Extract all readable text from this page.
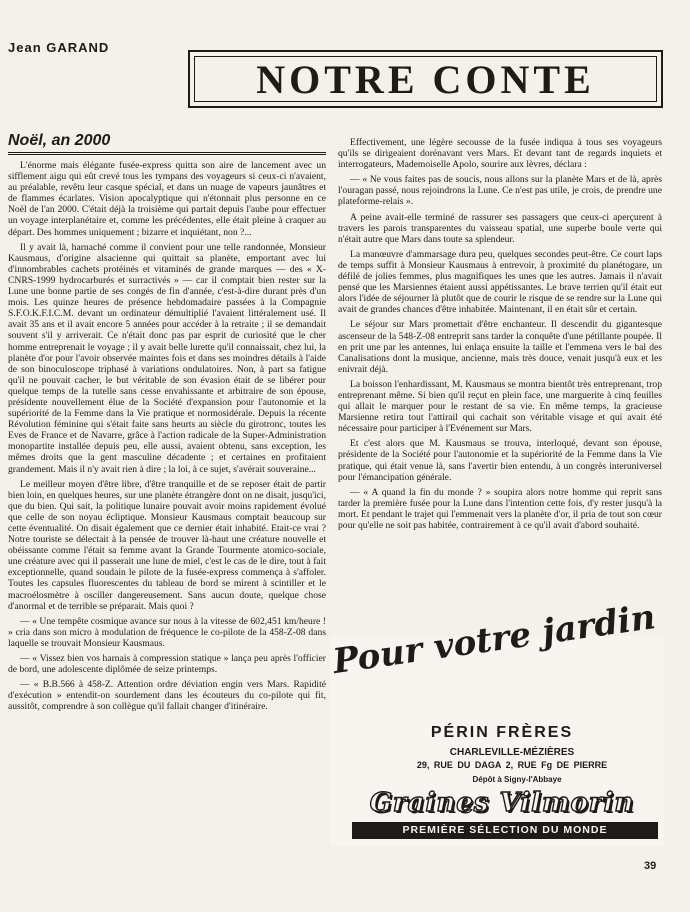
Jean GARAND

NOTRE CONTE
Noël, an 2000

L'énorme mais élégante fusée-express quitta son aire de lancement avec un sifflement aigu qui eût crevé tous les tympans des voyageurs si ceux-ci n'avaient, au préalable, revêtu leur casque spécial, et dans un nuage de vapeurs jaunâtres et de flammes écarlates. Vision apocalyptique qui n'étonnait plus personne en ce Noël de l'an 2000. C'était déjà la troisième qui partait depuis l'aube pour effectuer un voyage interplanétaire et, comme les précédentes, elle était pleine à craquer au départ. Des hommes uniquement ; bizarre et inquiétant, non ?...

Il y avait là, harnaché comme il convient pour une telle randonnée, Monsieur Kausmaus, d'origine alsacienne qui quittait sa planète, emportant avec lui d'innombrables cachets protéinés et vitaminés de grande marques — des « X-CNRS-1999 hydrocarburés et surractivés » — car il comptait bien rester sur la Lune une bonne partie de ses congés de fin d'année, c'est-à-dire durant près d'un mois. Les quinze heures de présence hebdomadaire passées à la Compagnie S.F.O.K.F.I.C.M. devant un ordinateur démultiplié l'avaient littéralement usé. Il avait 35 ans et il avait encore 5 années pour accéder à la retraite ; il se demandait souvent s'il y arriverait. Ce n'était donc pas par esprit de curiosité que le cher homme entreprenait le voyage ; il y avait belle lurette qu'il connaissait, chez lui, la planète d'or pour l'avoir observée maintes fois et dans ses moindres détails à l'aide de son binoculoscope triphasé à variations ondulatoires. Non, à part sa fatigue qu'il ne pouvait cacher, le but véritable de son évasion était de se libérer pour quelque temps de la tutelle sans cesse envahissante et arbitraire de son épouse, présidente nouvellement élue de la Société d'expansion pour l'autonomie et la supériorité de la Femme dans la Vie pratique et normosidérale. Depuis la récente Révolution féminine qui s'était faite sans heurts au siècle du girotronc, toutes les Eves de France et de Navarre, grâce à l'action radicale de la Super-Administration monopartite installée depuis peu, elle aussi, avaient obtenu, sans exception, les mêmes droits que la gent masculine décadente ; et certaines en profitaient grandement. Mais il n'y avait rien à dire ; la loi, à ce sujet, s'avérait souveraine...

Le meilleur moyen d'être libre, d'être tranquille et de se reposer était de partir bien loin, en quelques heures, sur une planète étrangère dont on ne disait, jusqu'ici, que du bien. Qui sait, la politique lunaire pouvait avoir moins rapidement évolué que celle de son noyau écliptique. Monsieur Kausmaus comptait beaucoup sur cette éventualité. On disait également que ce dernier était inhabité. Etait-ce vrai ? Notre touriste se délectait à la pensée de trouver là-haut une créature nouvelle et obéissante comme l'était sa femme avant la Grande Tourmente atomico-sociale, une créature avec qui il passerait une lune de miel, c'est le cas de le dire, tout à fait exceptionnelle, quand soudain le pilote de la fusée-express commença à s'affoler. Toutes les capsules fluorescentes du tableau de bord se mirent à scintiller et le macroélosmètre à osciller dangereusement. Sans aucun doute, quelque chose d'anormal et de terrible se préparait. Mais quoi ?

— « Une tempête cosmique avance sur nous à la vitesse de 602,451 km/heure ! » cria dans son micro à modulation de fréquence le co-pilote de la 458-Z-08 dans laquelle se trouvait Monsieur Kausmaus.

— « Vissez bien vos harnais à compression statique » lança peu après l'officier de bord, une adolescente diplômée de seize printemps.

— « B.B.566 à 458-Z. Attention ordre déviation engin vers Mars. Rapidité d'exécution » entendit-on sourdement dans les écouteurs du co-pilote qui fit, aussitôt, comprendre à son collègue qu'il fallait changer d'itinéraire.

Effectivement, une légère secousse de la fusée indiqua à tous ses voyageurs qu'ils se dirigeaient dorénavant vers Mars. Et devant tant de regards inquiets et interrogateurs, Mademoiselle Apolo, sourire aux lèvres, déclara :

— « Ne vous faites pas de soucis, nous allons sur la planète Mars et de là, après l'ouragan passé, nous rejoindrons la Lune. Ce n'est pas utile, je crois, de prendre une plateforme-relais ».

A peine avait-elle terminé de rassurer ses passagers que ceux-ci aperçurent à travers les parois transparentes du vaisseau spatial, une superbe boule verte qui n'était autre que Mars dans toute sa splendeur.

La manœuvre d'ammarsage dura peu, quelques secondes peut-être. Ce court laps de temps suffit à Monsieur Kausmaus à entrevoir, à proximité du planétogare, un défilé de jolies femmes, plus magnifiques les unes que les autres. Jamais il n'avait pensé que les Marsiennes étaient aussi appétissantes. Le brave terrien qu'il était eut alors l'idée de séjourner là plutôt que de courir le risque de se rendre sur la Lune qui avait de grandes chances d'être inhabitée. Maintenant, il en était sûr et certain.

Le séjour sur Mars promettait d'être enchanteur. Il descendit du gigantesque ascenseur de la 548-Z-08 entreprit sans tarder la conquête d'une pétillante poupée. Il en prit une par les antennes, lui enlaça ensuite la taille et l'emmena vers le bal des Canalisations dont la musique, ancienne, mais très douce, venait jusqu'à eux et les enivrait déjà.

La boisson l'enhardissant, M. Kausmaus se montra bientôt très entreprenant, trop entreprenant même. Si bien qu'il reçut en plein face, une marguerite à cinq feuilles qui allait le marquer pour le restant de sa vie. En même temps, la gracieuse Marsienne retira tout l'attirail qui cachait son véritable visage et qui avait été nécessaire pour participer à l'Evénement sur Mars.

Et c'est alors que M. Kausmaus se trouva, interloqué, devant son épouse, présidente de la Société pour l'autonomie et la supériorité de la Femme dans la Vie pratique, qui était venue là, sans l'avertir bien entendu, à un congrès interuniversel pour l'émancipation générale.

— « A quand la fin du monde ? » soupira alors notre homme qui reprit sans tarder la première fusée pour la Lune dans l'intention cette fois, d'y rester jusqu'à la mort. Et pendant le trajet qui l'emmenait vers la planète d'or, il pria de tout son cœur pour qu'elle ne soit pas habitée, contrairement à ce qu'il avait d'abord souhaité.

Pour votre jardin

PÉRIN FRÈRES

CHARLEVILLE-MÉZIÈRES

29, RUE DU DAGA 2, RUE Fg DE PIERRE

Dépôt à Signy-l'Abbaye

Graines Vilmorin

PREMIÈRE SÉLECTION DU MONDE

39
